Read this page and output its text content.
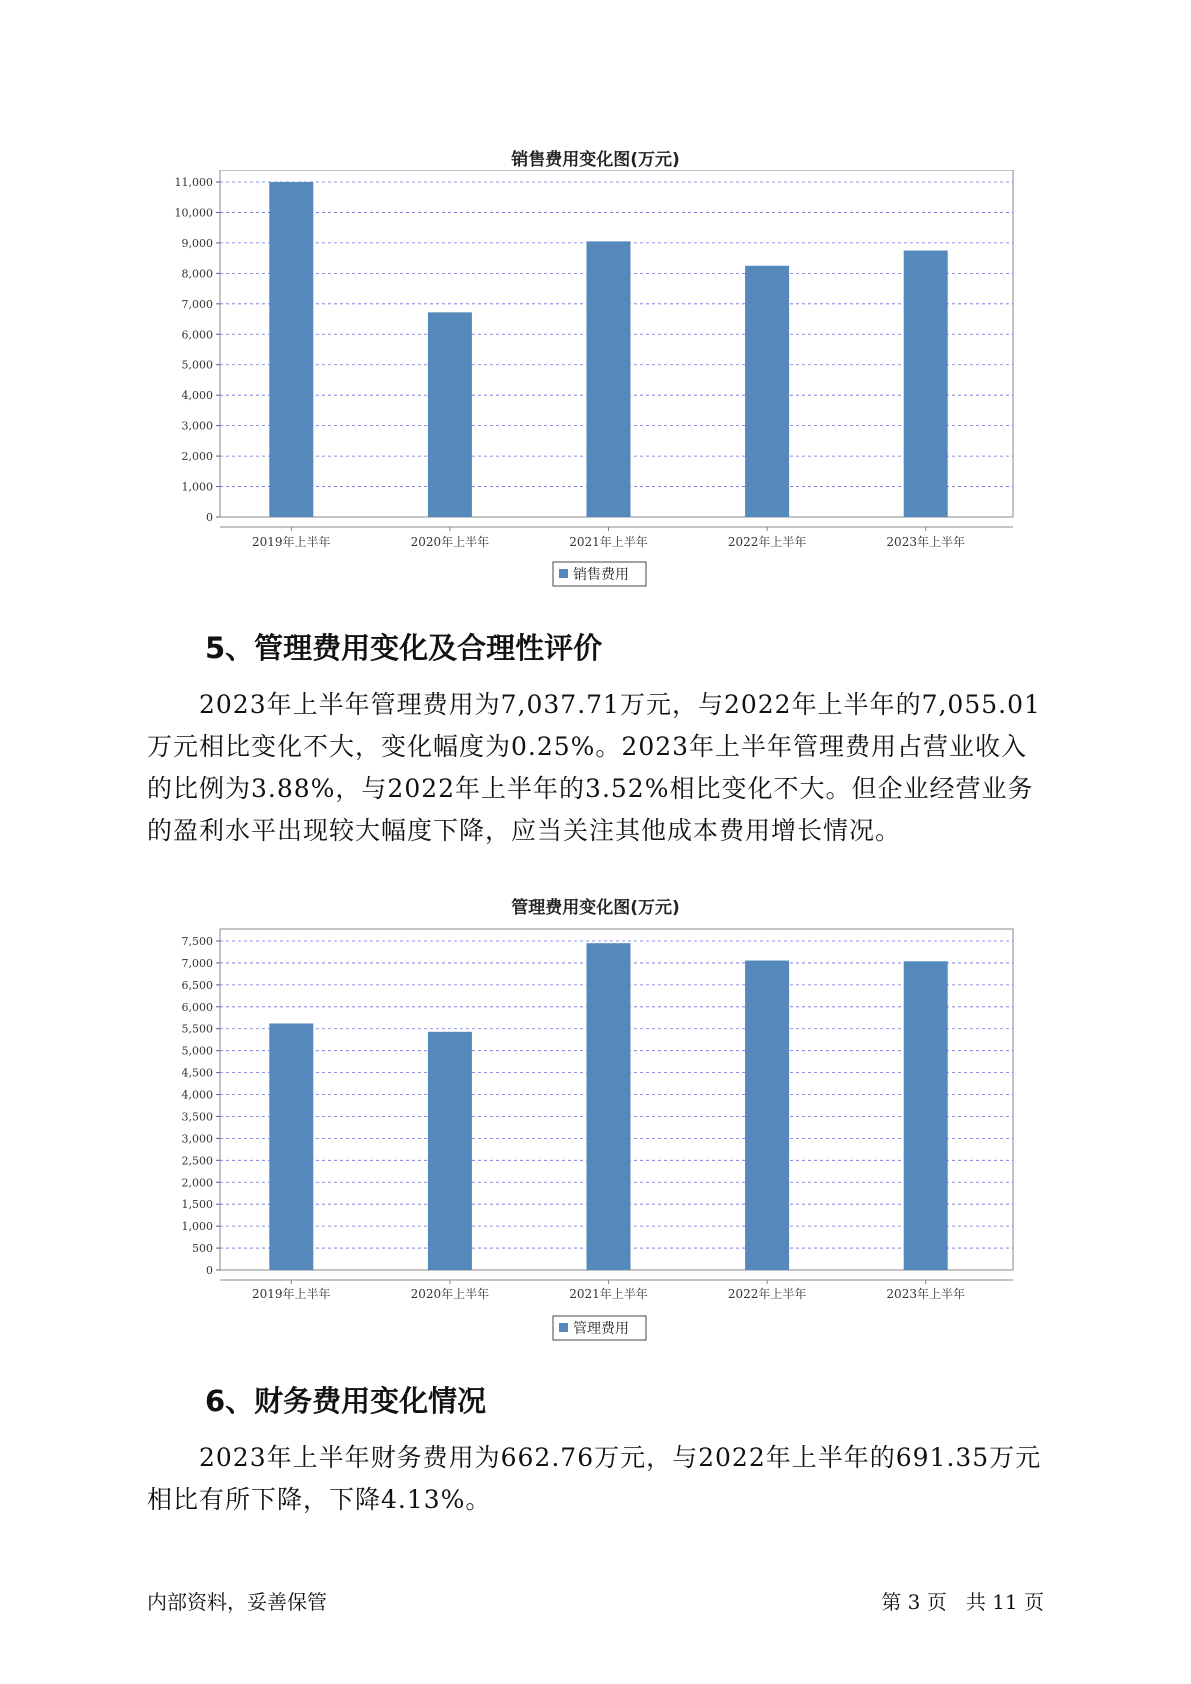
销售费用变化图(万元)
0
1,000
2,000
3,000
4,000
5,000
6,000
7,000
8,000
9,000
10,000
11,000
2019年上半年	2020年上半年	2021年上半年	2022年上半年	2023年上半年
销售费用
5、管理费用变化及合理性评价
2023年上半年管理费用为7,037.71万元，与2022年上半年的7,055.01
万元相比变化不大，变化幅度为0.25%。2023年上半年管理费用占营业收入
的比例为3.88%，与2022年上半年的3.52%相比变化不大。但企业经营业务
的盈利水平出现较大幅度下降，应当关注其他成本费用增长情况。
管理费用变化图(万元)
0
500
1,000
1,500
2,000
2,500
3,000
3,500
4,000
4,500
5,000
5,500
6,000
6,500
7,000
7,500
2019年上半年	2020年上半年	2021年上半年	2022年上半年	2023年上半年
管理费用
6、财务费用变化情况
2023年上半年财务费用为662.76万元，与2022年上半年的691.35万元
相比有所下降，下降4.13%。
内部资料，妥善保管	第 3 页   共 11 页
